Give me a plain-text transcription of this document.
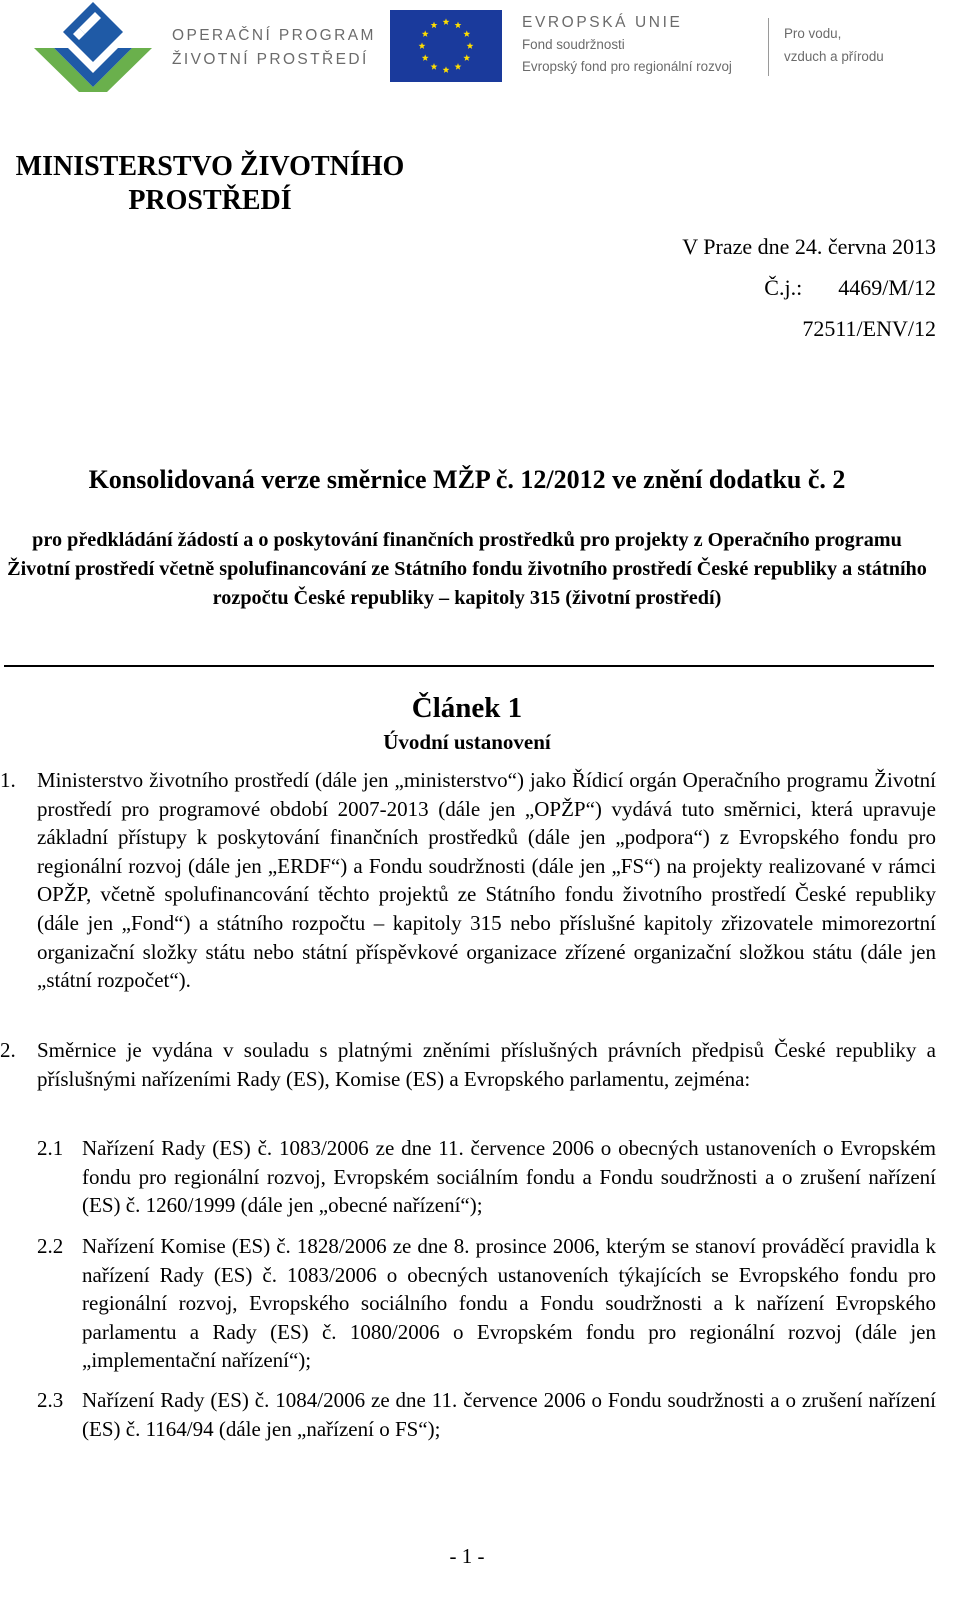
OPERAČNÍ PROGRAM
ŽIVOTNÍ PROSTŘEDÍ
EVROPSKÁ UNIE
Fond soudržnosti
Evropský fond pro regionální rozvoj
Pro vodu,
vzduch a přírodu
MINISTERSTVO ŽIVOTNÍHO
PROSTŘEDÍ
V Praze dne 24. června 2013
Č.j.: 4469/M/12
72511/ENV/12
Konsolidovaná verze směrnice MŽP č. 12/2012 ve znění dodatku č. 2
pro předkládání žádostí a o poskytování finančních prostředků pro projekty z Operačního programu Životní prostředí včetně spolufinancování ze Státního fondu životního prostředí České republiky a státního rozpočtu České republiky – kapitoly 315 (životní prostředí)
Článek 1
Úvodní ustanovení
1. Ministerstvo životního prostředí (dále jen „ministerstvo“) jako Řídicí orgán Operačního programu Životní prostředí pro programové období 2007-2013 (dále jen „OPŽP“) vydává tuto směrnici, která upravuje základní přístupy k poskytování finančních prostředků (dále jen „podpora“) z Evropského fondu pro regionální rozvoj (dále jen „ERDF“) a Fondu soudržnosti (dále jen „FS“) na projekty realizované v rámci OPŽP, včetně spolufinancování těchto projektů ze Státního fondu životního prostředí České republiky (dále jen „Fond“) a státního rozpočtu – kapitoly 315 nebo příslušné kapitoly zřizovatele mimorezortní organizační složky státu nebo státní příspěvkové organizace zřízené organizační složkou státu (dále jen „státní rozpočet“).
2. Směrnice je vydána v souladu s platnými zněními příslušných právních předpisů České republiky a příslušnými nařízeními Rady (ES), Komise (ES) a Evropského parlamentu, zejména:
2.1 Nařízení Rady (ES) č. 1083/2006 ze dne 11. července 2006 o obecných ustanoveních o Evropském fondu pro regionální rozvoj, Evropském sociálním fondu a Fondu soudržnosti a o zrušení nařízení (ES) č. 1260/1999 (dále jen „obecné nařízení“);
2.2 Nařízení Komise (ES) č. 1828/2006 ze dne 8. prosince 2006, kterým se stanoví prováděcí pravidla k nařízení Rady (ES) č. 1083/2006 o obecných ustanoveních týkajících se Evropského fondu pro regionální rozvoj, Evropského sociálního fondu a Fondu soudržnosti a k nařízení Evropského parlamentu a Rady (ES) č. 1080/2006 o Evropském fondu pro regionální rozvoj (dále jen „implementační nařízení“);
2.3 Nařízení Rady (ES) č. 1084/2006 ze dne 11. července 2006 o Fondu soudržnosti a o zrušení nařízení (ES) č. 1164/94 (dále jen „nařízení o FS“);
- 1 -
